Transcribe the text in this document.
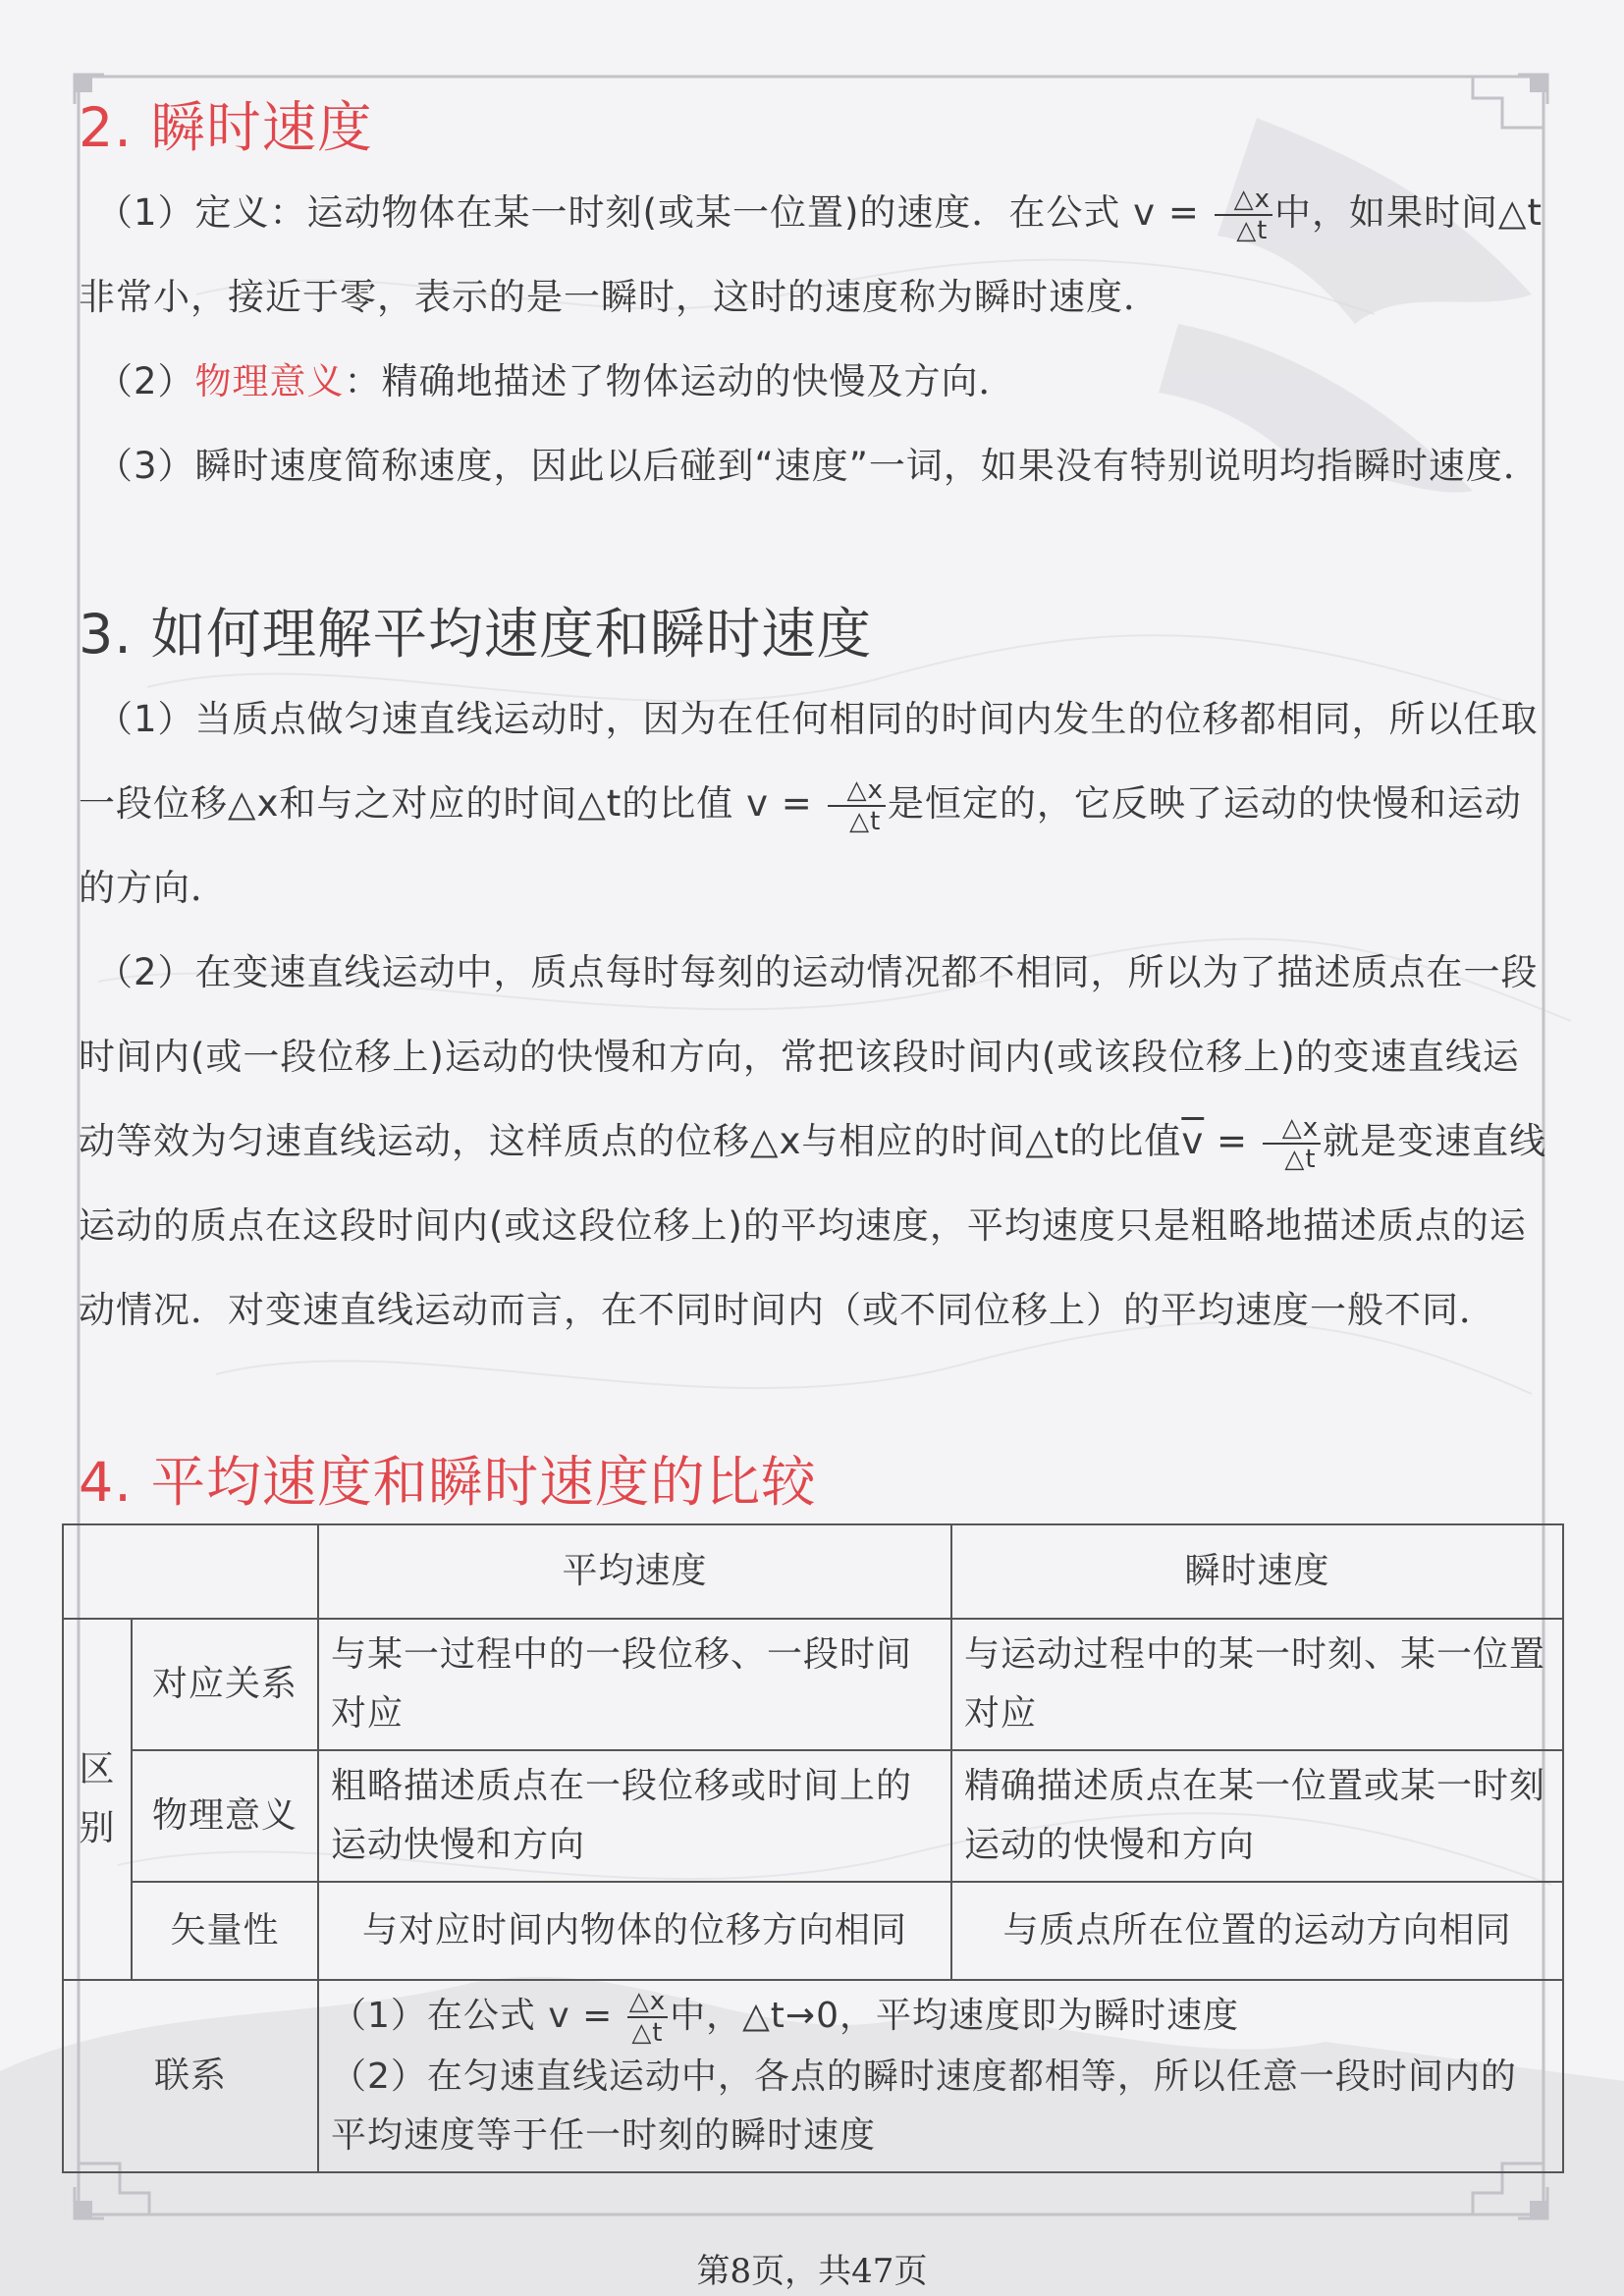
2. 瞬时速度

（1）定义：运动物体在某一时刻(或某一位置)的速度．在公式 $v = \frac{\triangle x}{\triangle t}$ 中，如果时间△t非常小，接近于零，表示的是一瞬时，这时的速度称为瞬时速度．

（2）物理意义：精确地描述了物体运动的快慢及方向．

（3）瞬时速度简称速度，因此以后碰到“速度”一词，如果没有特别说明均指瞬时速度．

3. 如何理解平均速度和瞬时速度

（1）当质点做匀速直线运动时，因为在任何相同的时间内发生的位移都相同，所以任取一段位移△x和与之对应的时间△t的比值 $v = \frac{\triangle x}{\triangle t}$ 是恒定的，它反映了运动的快慢和运动的方向．

（2）在变速直线运动中，质点每时每刻的运动情况都不相同，所以为了描述质点在一段时间内(或一段位移上)运动的快慢和方向，常把该段时间内(或该段位移上)的变速直线运动等效为匀速直线运动，这样质点的位移△x与相应的时间△t的比值$\overline{v} = \frac{\triangle x}{\triangle t}$ 就是变速直线运动的质点在这段时间内(或这段位移上)的平均速度，平均速度只是粗略地描述质点的运动情况．对变速直线运动而言，在不同时间内（或不同位移上）的平均速度一般不同．

4. 平均速度和瞬时速度的比较
		平均速度	瞬时速度
区别	对应关系	与某一过程中的一段位移、一段时间对应	与运动过程中的某一时刻、某一位置对应
	物理意义	粗略描述质点在一段位移或时间上的运动快慢和方向	精确描述质点在某一位置或某一时刻运动的快慢和方向
	矢量性	与对应时间内物体的位移方向相同	与质点所在位置的运动方向相同
联系		（1）在公式 $v = \frac{\triangle x}{\triangle t}$ 中，△t→0，平均速度即为瞬时速度
（2）在匀速直线运动中，各点的瞬时速度都相等，所以任意一段时间内的平均速度等于任一时刻的瞬时速度	
第8页，共47页
